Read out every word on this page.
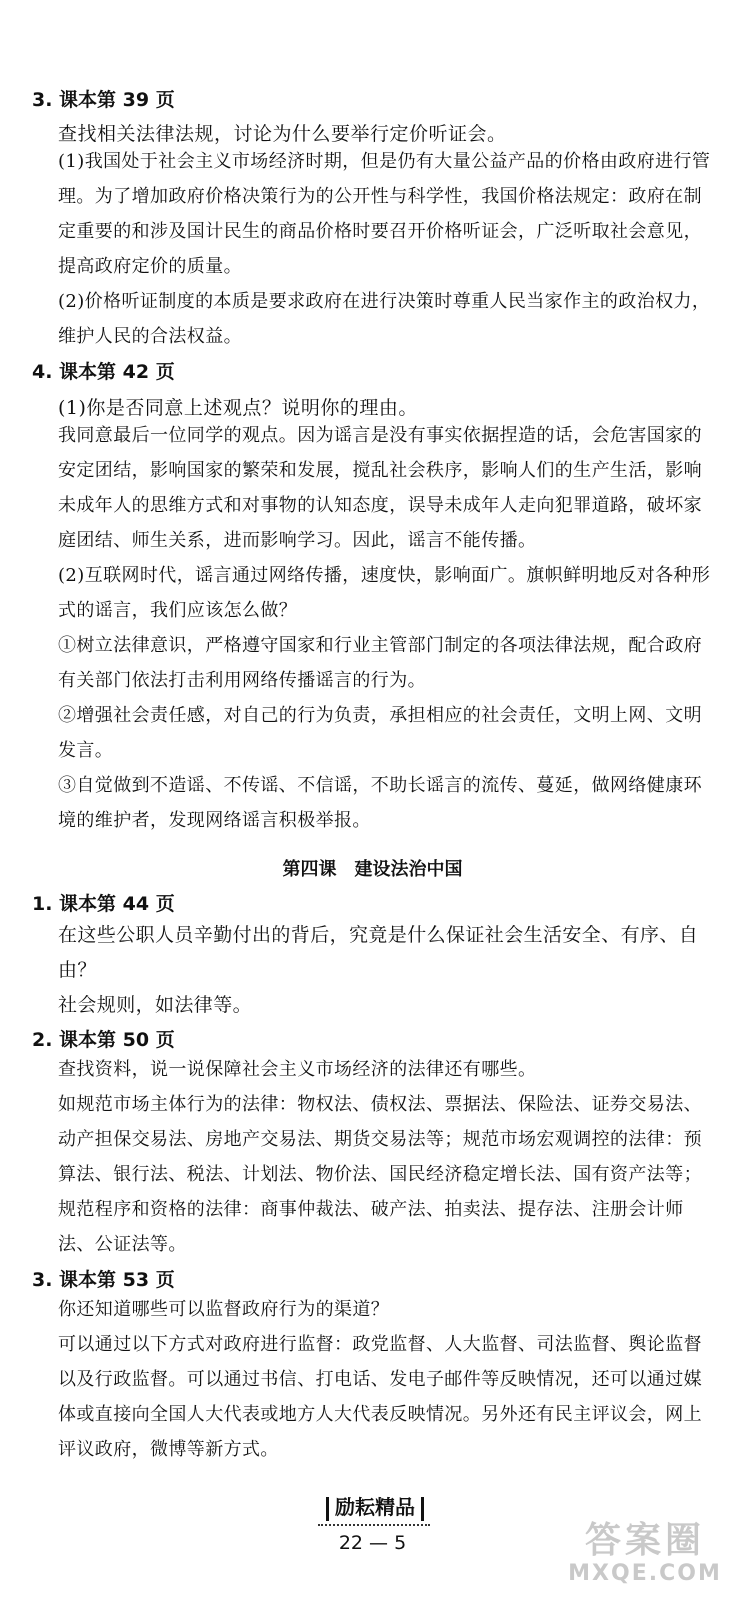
3. 课本第 39 页
查找相关法律法规，讨论为什么要举行定价听证会。

(1)我国处于社会主义市场经济时期，但是仍有大量公益产品的价格由政府进行管理。为了增加政府价格决策行为的公开性与科学性，我国价格法规定：政府在制定重要的和涉及国计民生的商品价格时要召开价格听证会，广泛听取社会意见，提高政府定价的质量。

(2)价格听证制度的本质是要求政府在进行决策时尊重人民当家作主的政治权力，维护人民的合法权益。

4. 课本第 42 页
(1)你是否同意上述观点？说明你的理由。

我同意最后一位同学的观点。因为谣言是没有事实依据捏造的话，会危害国家的安定团结，影响国家的繁荣和发展，搅乱社会秩序，影响人们的生产生活，影响未成年人的思维方式和对事物的认知态度，误导未成年人走向犯罪道路，破坏家庭团结、师生关系，进而影响学习。因此，谣言不能传播。

(2)互联网时代，谣言通过网络传播，速度快，影响面广。旗帜鲜明地反对各种形式的谣言，我们应该怎么做？

①树立法律意识，严格遵守国家和行业主管部门制定的各项法律法规，配合政府有关部门依法打击利用网络传播谣言的行为。

②增强社会责任感，对自己的行为负责，承担相应的社会责任，文明上网、文明发言。

③自觉做到不造谣、不传谣、不信谣，不助长谣言的流传、蔓延，做网络健康环境的维护者，发现网络谣言积极举报。

第四课　建设法治中国
1. 课本第 44 页

在这些公职人员辛勤付出的背后，究竟是什么保证社会生活安全、有序、自由？

社会规则，如法律等。

2. 课本第 50 页

查找资料，说一说保障社会主义市场经济的法律还有哪些。

如规范市场主体行为的法律：物权法、债权法、票据法、保险法、证券交易法、动产担保交易法、房地产交易法、期货交易法等；规范市场宏观调控的法律：预算法、银行法、税法、计划法、物价法、国民经济稳定增长法、国有资产法等；规范程序和资格的法律：商事仲裁法、破产法、拍卖法、提存法、注册会计师法、公证法等。

3. 课本第 53 页

你还知道哪些可以监督政府行为的渠道？

可以通过以下方式对政府进行监督：政党监督、人大监督、司法监督、舆论监督以及行政监督。可以通过书信、打电话、发电子邮件等反映情况，还可以通过媒体或直接向全国人大代表或地方人大代表反映情况。另外还有民主评议会，网上评议政府，微博等新方式。

励耘精品
22 — 5	答案圈
MXQE.COM
